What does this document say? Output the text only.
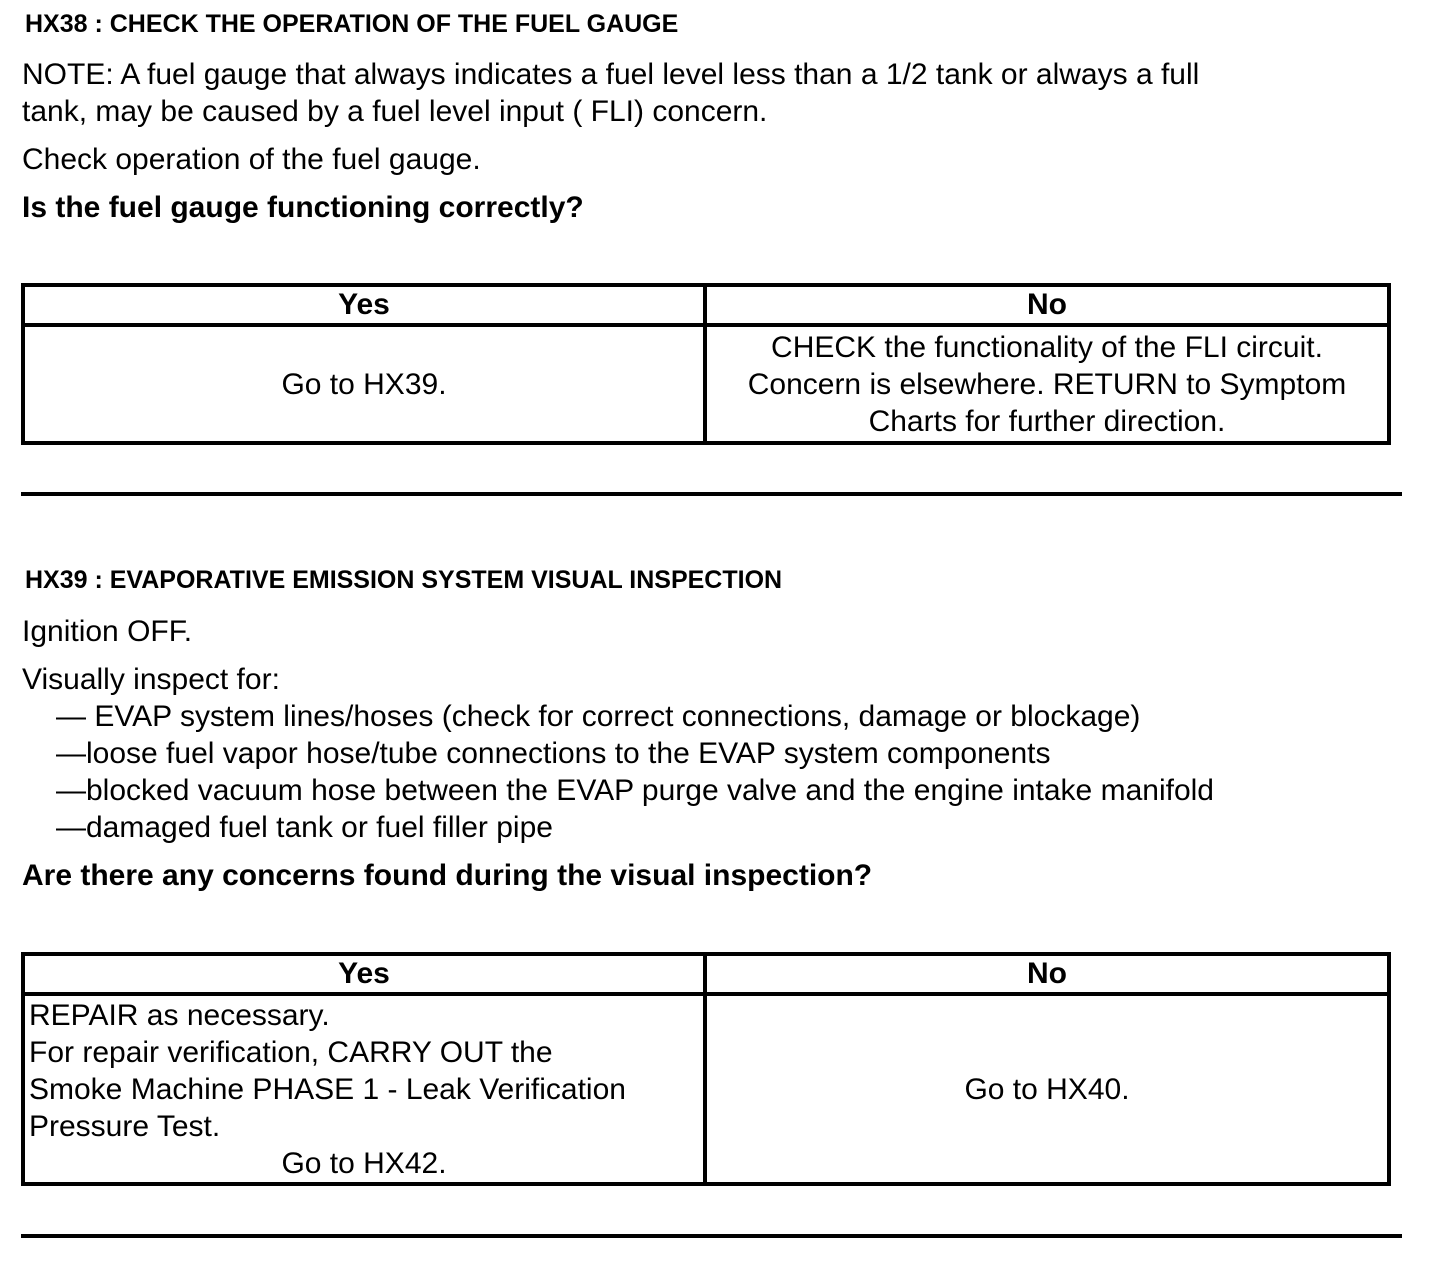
HX38 : CHECK THE OPERATION OF THE FUEL GAUGE
NOTE: A fuel gauge that always indicates a fuel level less than a 1/2 tank or always a full
tank, may be caused by a fuel level input ( FLI) concern.
Check operation of the fuel gauge.
Is the fuel gauge functioning correctly?
Yes	No
Go to HX39.	CHECK the functionality of the FLI circuit.
Concern is elsewhere. RETURN to Symptom
Charts for further direction.
HX39 : EVAPORATIVE EMISSION SYSTEM VISUAL INSPECTION
Ignition OFF.
Visually inspect for:
— EVAP system lines/hoses (check for correct connections, damage or blockage)
—loose fuel vapor hose/tube connections to the EVAP system components
—blocked vacuum hose between the EVAP purge valve and the engine intake manifold
—damaged fuel tank or fuel filler pipe
Are there any concerns found during the visual inspection?
Yes	No

REPAIR as necessary.
For repair verification, CARRY OUT the
Smoke Machine PHASE 1 - Leak Verification
Pressure Test.
Go to HX42.	Go to HX40.
